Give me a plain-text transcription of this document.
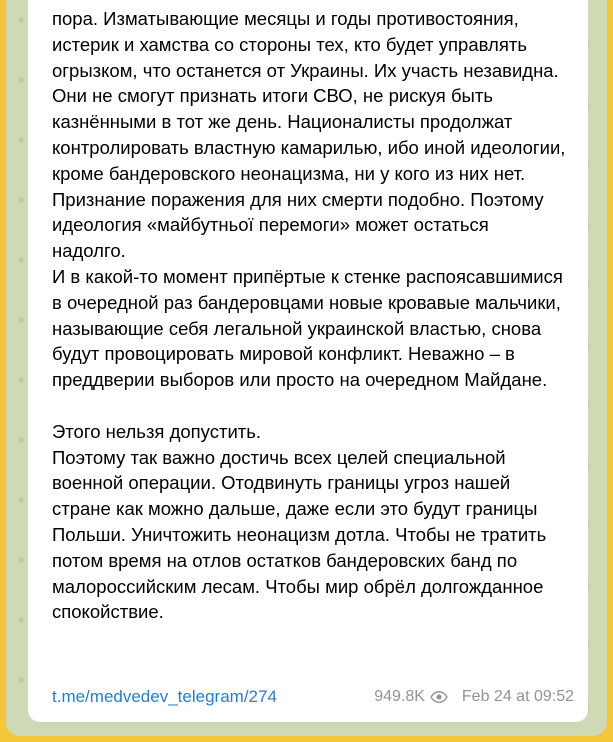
пора. Изматывающие месяцы и годы противостояния, истерик и хамства со стороны тех, кто будет управлять огрызком, что останется от Украины. Их участь незавидна. Они не смогут признать итоги СВО, не рискуя быть казнёнными в тот же день. Националисты продолжат контролировать властную камарилью, ибо иной идеологии, кроме бандеровского неонацизма, ни у кого из них нет. Признание поражения для них смерти подобно. Поэтому идеология «майбутньої перемоги» может остаться надолго.

И в какой-то момент припёртые к стенке распоясавшимися в очередной раз бандеровцами новые кровавые мальчики, называющие себя легальной украинской властью, снова будут провоцировать мировой конфликт. Неважно – в преддверии выборов или просто на очередном Майдане.

Этого нельзя допустить.

Поэтому так важно достичь всех целей специальной военной операции. Отодвинуть границы угроз нашей стране как можно дальше, даже если это будут границы Польши. Уничтожить неонацизм дотла. Чтобы не тратить потом время на отлов остатков бандеровских банд по малороссийским лесам. Чтобы мир обрёл долгожданное спокойствие.

t.me/medvedev_telegram/274	949.8K Feb 24 at 09:52
